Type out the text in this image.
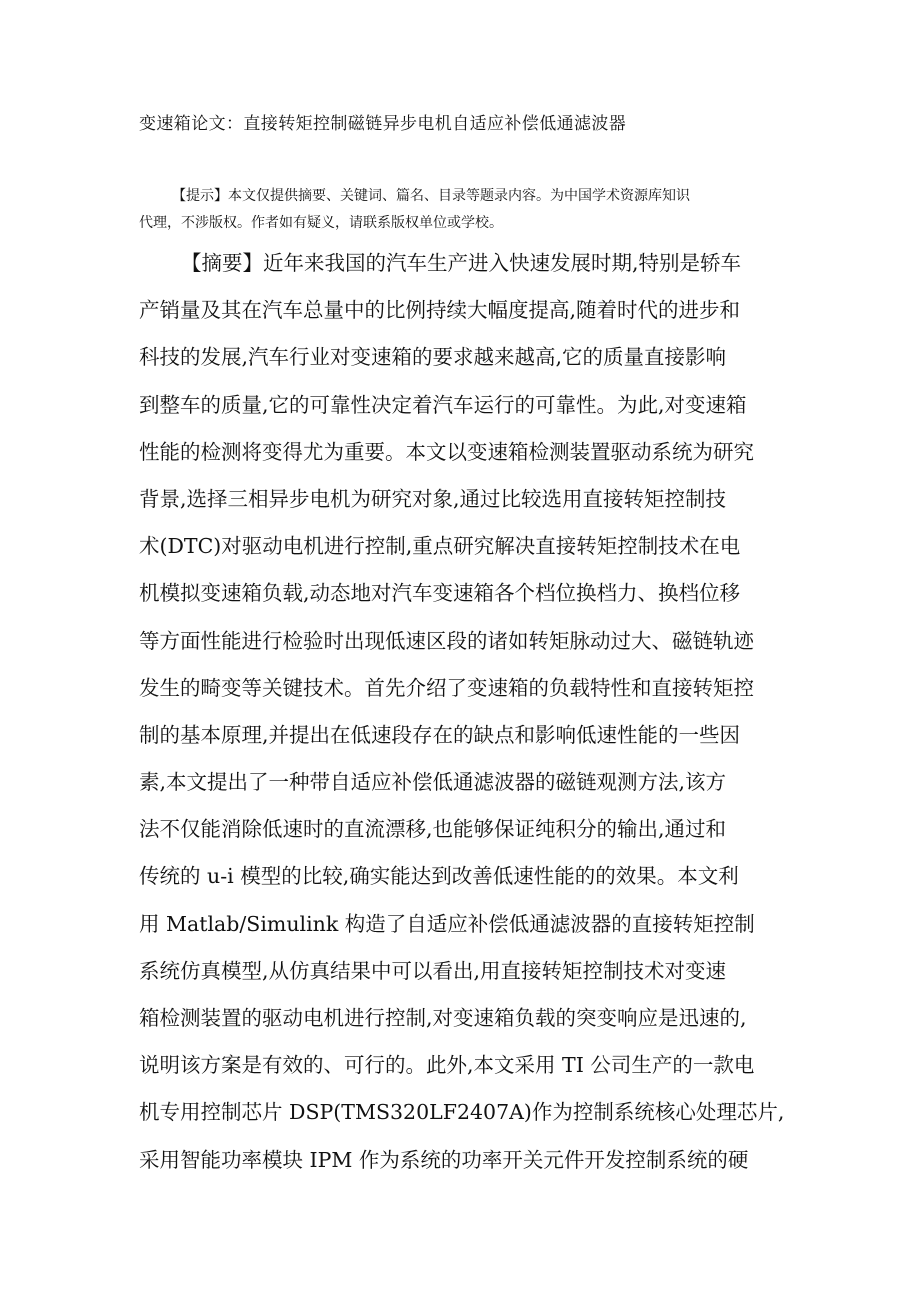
变速箱论文：直接转矩控制磁链异步电机自适应补偿低通滤波器
【提示】本文仅提供摘要、关键词、篇名、目录等题录内容。为中国学术资源库知识
代理，不涉版权。作者如有疑义，请联系版权单位或学校。
【摘要】近年来我国的汽车生产进入快速发展时期,特别是轿车
产销量及其在汽车总量中的比例持续大幅度提高,随着时代的进步和
科技的发展,汽车行业对变速箱的要求越来越高,它的质量直接影响
到整车的质量,它的可靠性决定着汽车运行的可靠性。为此,对变速箱
性能的检测将变得尤为重要。本文以变速箱检测装置驱动系统为研究
背景,选择三相异步电机为研究对象,通过比较选用直接转矩控制技
术(DTC)对驱动电机进行控制,重点研究解决直接转矩控制技术在电
机模拟变速箱负载,动态地对汽车变速箱各个档位换档力、换档位移
等方面性能进行检验时出现低速区段的诸如转矩脉动过大、磁链轨迹
发生的畸变等关键技术。首先介绍了变速箱的负载特性和直接转矩控
制的基本原理,并提出在低速段存在的缺点和影响低速性能的一些因
素,本文提出了一种带自适应补偿低通滤波器的磁链观测方法,该方
法不仅能消除低速时的直流漂移,也能够保证纯积分的输出,通过和
传统的 u-i 模型的比较,确实能达到改善低速性能的的效果。本文利
用 Matlab/Simulink 构造了自适应补偿低通滤波器的直接转矩控制
系统仿真模型,从仿真结果中可以看出,用直接转矩控制技术对变速
箱检测装置的驱动电机进行控制,对变速箱负载的突变响应是迅速的,
说明该方案是有效的、可行的。此外,本文采用 TI 公司生产的一款电
机专用控制芯片 DSP(TMS320LF2407A)作为控制系统核心处理芯片,
采用智能功率模块 IPM 作为系统的功率开关元件开发控制系统的硬
